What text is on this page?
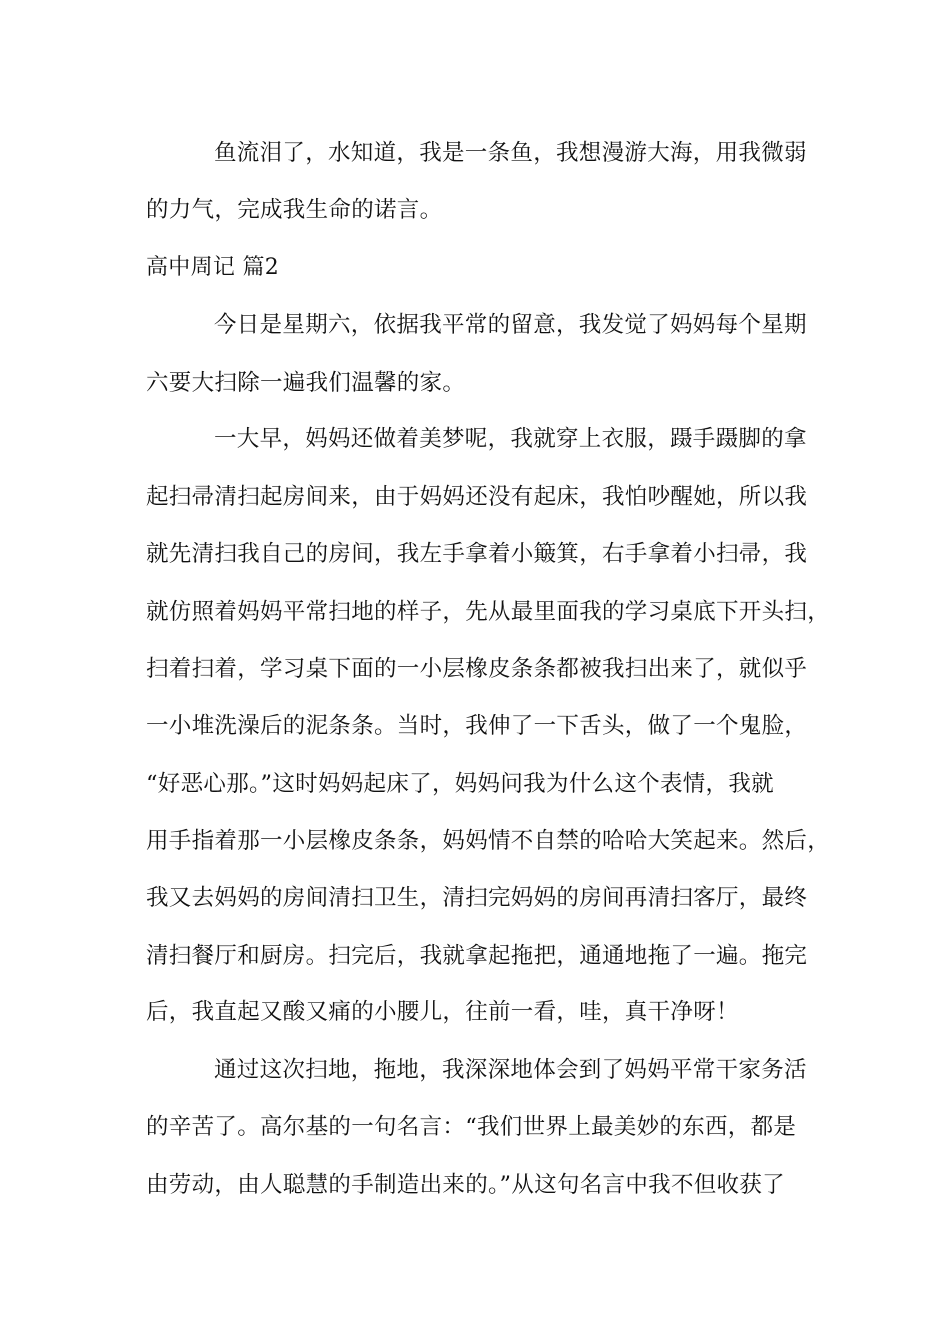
鱼流泪了，水知道，我是一条鱼，我想漫游大海，用我微弱
的力气，完成我生命的诺言。
高中周记 篇2
今日是星期六，依据我平常的留意，我发觉了妈妈每个星期
六要大扫除一遍我们温馨的家。
一大早，妈妈还做着美梦呢，我就穿上衣服，蹑手蹑脚的拿
起扫帚清扫起房间来，由于妈妈还没有起床，我怕吵醒她，所以我
就先清扫我自己的房间，我左手拿着小簸箕，右手拿着小扫帚，我
就仿照着妈妈平常扫地的样子，先从最里面我的学习桌底下开头扫，
扫着扫着，学习桌下面的一小层橡皮条条都被我扫出来了，就似乎
一小堆洗澡后的泥条条。当时，我伸了一下舌头，做了一个鬼脸，
“好恶心那。”这时妈妈起床了，妈妈问我为什么这个表情，我就
用手指着那一小层橡皮条条，妈妈情不自禁的哈哈大笑起来。然后，
我又去妈妈的房间清扫卫生，清扫完妈妈的房间再清扫客厅，最终
清扫餐厅和厨房。扫完后，我就拿起拖把，通通地拖了一遍。拖完
后，我直起又酸又痛的小腰儿，往前一看，哇，真干净呀！
通过这次扫地，拖地，我深深地体会到了妈妈平常干家务活
的辛苦了。高尔基的一句名言：“我们世界上最美妙的东西，都是
由劳动，由人聪慧的手制造出来的。”从这句名言中我不但收获了
